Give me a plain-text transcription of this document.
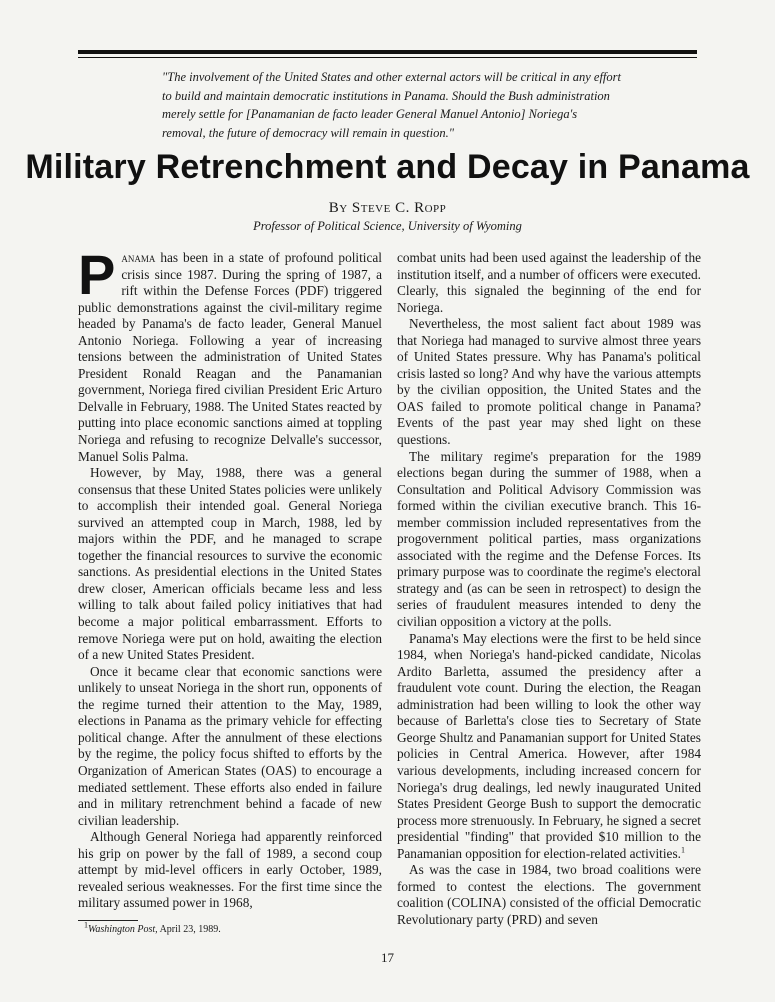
"The involvement of the United States and other external actors will be critical in any effort to build and maintain democratic institutions in Panama. Should the Bush administration merely settle for [Panamanian de facto leader General Manuel Antonio] Noriega's removal, the future of democracy will remain in question."
Military Retrenchment and Decay in Panama
By Steve C. Ropp
Professor of Political Science, University of Wyoming

Panama has been in a state of profound political crisis since 1987. During the spring of 1987, a rift within the Defense Forces (PDF) triggered public demonstrations against the civil-military regime headed by Panama's de facto leader, General Manuel Antonio Noriega. Following a year of increasing tensions between the administration of United States President Ronald Reagan and the Panamanian government, Noriega fired civilian President Eric Arturo Delvalle in February, 1988. The United States reacted by putting into place economic sanctions aimed at toppling Noriega and refusing to recognize Delvalle's successor, Manuel Solis Palma.

However, by May, 1988, there was a general consensus that these United States policies were unlikely to accomplish their intended goal. General Noriega survived an attempted coup in March, 1988, led by majors within the PDF, and he managed to scrape together the financial resources to survive the economic sanctions. As presidential elections in the United States drew closer, American officials became less and less willing to talk about failed policy initiatives that had become a major political embarrassment. Efforts to remove Noriega were put on hold, awaiting the election of a new United States President.

Once it became clear that economic sanctions were unlikely to unseat Noriega in the short run, opponents of the regime turned their attention to the May, 1989, elections in Panama as the primary vehicle for effecting political change. After the annulment of these elections by the regime, the policy focus shifted to efforts by the Organization of American States (OAS) to encourage a mediated settlement. These efforts also ended in failure and in military retrenchment behind a facade of new civilian leadership.

Although General Noriega had apparently reinforced his grip on power by the fall of 1989, a second coup attempt by mid-level officers in early October, 1989, revealed serious weaknesses. For the first time since the military assumed power in 1968,

combat units had been used against the leadership of the institution itself, and a number of officers were executed. Clearly, this signaled the beginning of the end for Noriega.

Nevertheless, the most salient fact about 1989 was that Noriega had managed to survive almost three years of United States pressure. Why has Panama's political crisis lasted so long? And why have the various attempts by the civilian opposition, the United States and the OAS failed to promote political change in Panama? Events of the past year may shed light on these questions.

The military regime's preparation for the 1989 elections began during the summer of 1988, when a Consultation and Political Advisory Commission was formed within the civilian executive branch. This 16-member commission included representatives from the progovernment political parties, mass organizations associated with the regime and the Defense Forces. Its primary purpose was to coordinate the regime's electoral strategy and (as can be seen in retrospect) to design the series of fraudulent measures intended to deny the civilian opposition a victory at the polls.

Panama's May elections were the first to be held since 1984, when Noriega's hand-picked candidate, Nicolas Ardito Barletta, assumed the presidency after a fraudulent vote count. During the election, the Reagan administration had been willing to look the other way because of Barletta's close ties to Secretary of State George Shultz and Panamanian support for United States policies in Central America. However, after 1984 various developments, including increased concern for Noriega's drug dealings, led newly inaugurated United States President George Bush to support the democratic process more strenuously. In February, he signed a secret presidential "finding" that provided $10 million to the Panamanian opposition for election-related activities.$^1$

As was the case in 1984, two broad coalitions were formed to contest the elections. The government coalition (COLINA) consisted of the official Democratic Revolutionary party (PRD) and seven

$^1$Washington Post, April 23, 1989.
17
